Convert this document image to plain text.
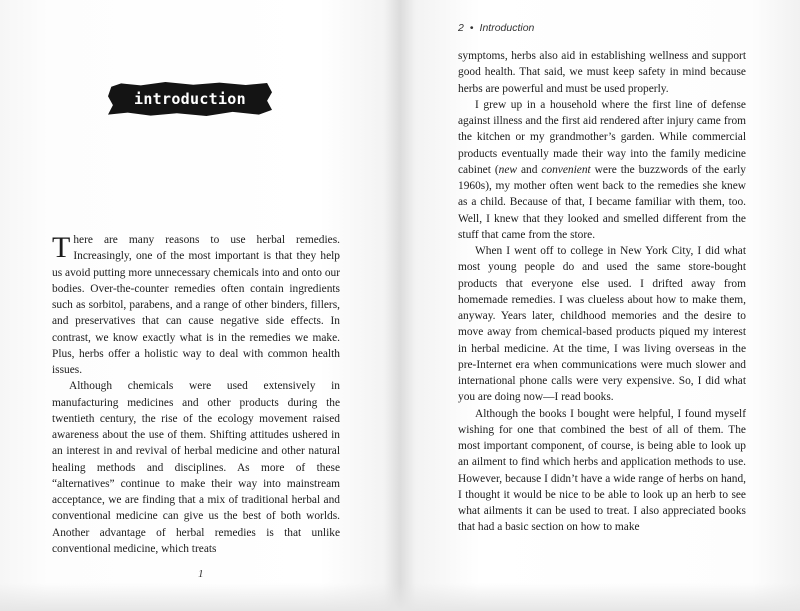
introduction

There are many reasons to use herbal remedies. Increasingly, one of the most important is that they help us avoid putting more unnecessary chemicals into and onto our bodies. Over-the-counter remedies often contain ingredients such as sorbitol, parabens, and a range of other binders, fillers, and preservatives that can cause negative side effects. In contrast, we know exactly what is in the remedies we make. Plus, herbs offer a holistic way to deal with common health issues.

Although chemicals were used extensively in manufacturing medicines and other products during the twentieth century, the rise of the ecology movement raised awareness about the use of them. Shifting attitudes ushered in an interest in and revival of herbal medicine and other natural healing methods and disciplines. As more of these “alternatives” continue to make their way into mainstream acceptance, we are finding that a mix of traditional herbal and conventional medicine can give us the best of both worlds. Another advantage of herbal remedies is that unlike conventional medicine, which treats

1
2 • Introduction

symptoms, herbs also aid in establishing wellness and support good health. That said, we must keep safety in mind because herbs are powerful and must be used properly.

I grew up in a household where the first line of defense against illness and the first aid rendered after injury came from the kitchen or my grandmother’s garden. While commercial products eventually made their way into the family medicine cabinet (new and convenient were the buzzwords of the early 1960s), my mother often went back to the remedies she knew as a child. Because of that, I became familiar with them, too. Well, I knew that they looked and smelled different from the stuff that came from the store.

When I went off to college in New York City, I did what most young people do and used the same store-bought products that everyone else used. I drifted away from homemade remedies. I was clueless about how to make them, anyway. Years later, childhood memories and the desire to move away from chemical-based products piqued my interest in herbal medicine. At the time, I was living overseas in the pre-Internet era when communications were much slower and international phone calls were very expensive. So, I did what you are doing now—I read books.

Although the books I bought were helpful, I found myself wishing for one that combined the best of all of them. The most important component, of course, is being able to look up an ailment to find which herbs and application methods to use. However, because I didn’t have a wide range of herbs on hand, I thought it would be nice to be able to look up an herb to see what ailments it can be used to treat. I also appreciated books that had a basic section on how to make
